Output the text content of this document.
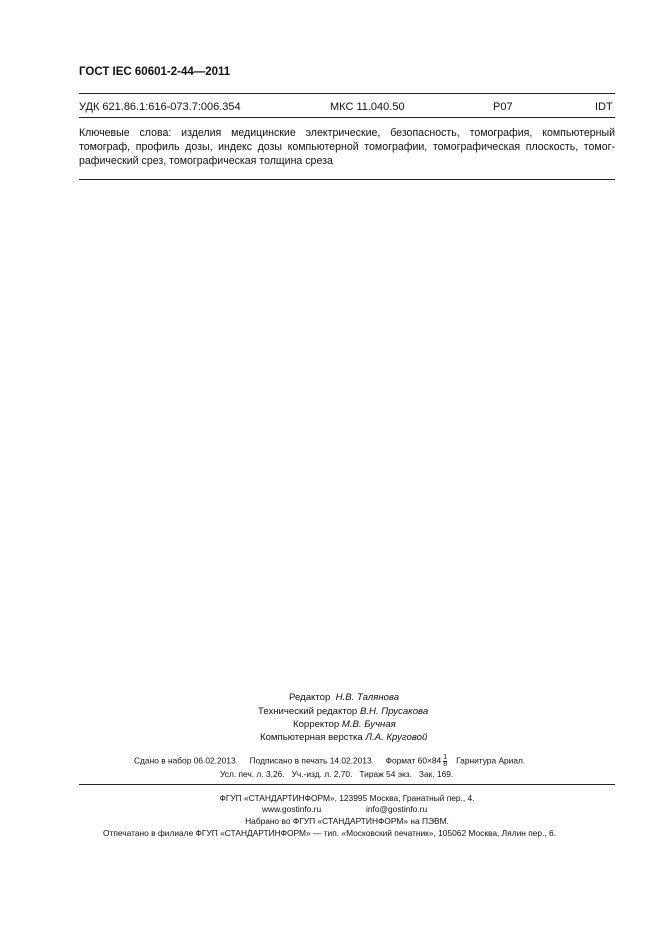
ГОСТ IEC 60601-2-44—2011
УДК 621.86.1:616-073.7:006.354	МКС 11.040.50	Р07	IDT
Ключевые слова: изделия медицинские электрические, безопасность, томография, компьютерный
томограф, профиль дозы, индекс дозы компьютерной томографии, томографическая плоскость, томог-
рафический срез, томографическая толщина среза
Редактор Н.В. Талянова
Технический редактор В.Н. Прусакова
Корректор М.В. Бучная
Компьютерная верстка Л.А. Круговой
Сдано в набор 06.02.2013. Подписано в печать 14.02.2013. Формат $60\times 84 \frac{1}{8}$ Гарнитура Ариал.
Усл. печ. л. 3,26.   Уч.-изд. л. 2,70.   Тираж 54 экз.   Зак. 169.
ФГУП «СТАНДАРТИНФОРМ», 123995 Москва, Гранатный пер., 4.
www.gostinfo.ru	info@gostinfo.ru
Набрано во ФГУП «СТАНДАРТИНФОРМ» на ПЭВМ.
Отпечатано в филиале ФГУП «СТАНДАРТИНФОРМ» — тип. «Московский печатник», 105062 Москва, Лялин пер., 6.
